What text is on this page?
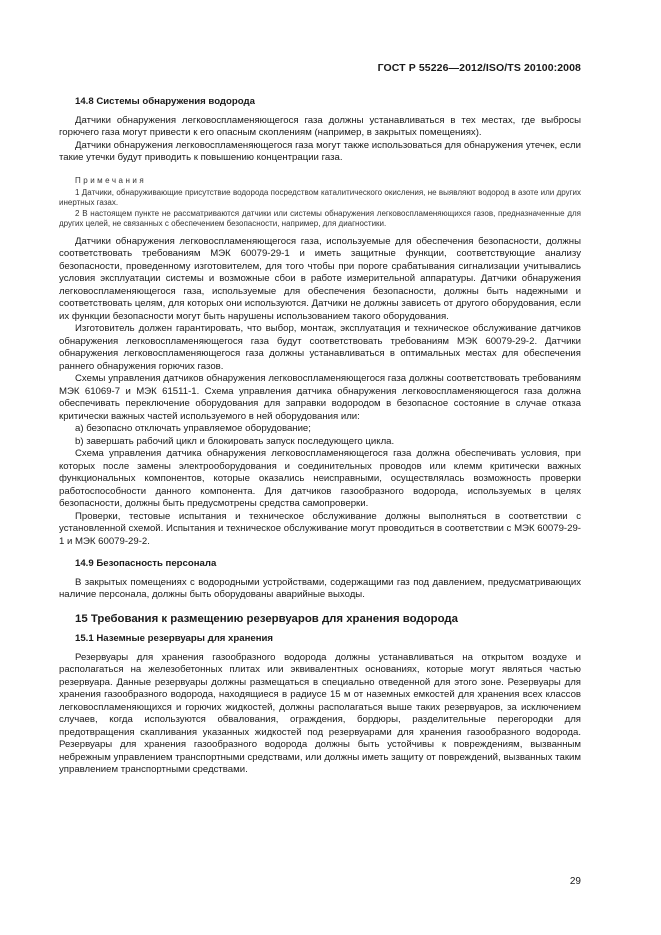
ГОСТ Р 55226—2012/ISO/TS 20100:2008
14.8 Системы обнаружения водорода

Датчики обнаружения легковоспламеняющегося газа должны устанавливаться в тех местах, где выбросы горючего газа могут привести к его опасным скоплениям (например, в закрытых помещениях).

Датчики обнаружения легковоспламеняющегося газа могут также использоваться для обнаружения утечек, если такие утечки будут приводить к повышению концентрации газа.

Примечания

1 Датчики, обнаруживающие присутствие водорода посредством каталитического окисления, не выявляют водород в азоте или других инертных газах.

2 В настоящем пункте не рассматриваются датчики или системы обнаружения легковоспламеняющихся газов, предназначенные для других целей, не связанных с обеспечением безопасности, например, для диагностики.

Датчики обнаружения легковоспламеняющегося газа, используемые для обеспечения безопасности, должны соответствовать требованиям МЭК 60079-29-1 и иметь защитные функции, соответствующие анализу безопасности, проведенному изготовителем, для того чтобы при пороге срабатывания сигнализации учитывались условия эксплуатации системы и возможные сбои в работе измерительной аппаратуры. Датчики обнаружения легковоспламеняющегося газа, используемые для обеспечения безопасности, должны быть надежными и соответствовать целям, для которых они используются. Датчики не должны зависеть от другого оборудования, если их функции безопасности могут быть нарушены использованием такого оборудования.

Изготовитель должен гарантировать, что выбор, монтаж, эксплуатация и техническое обслуживание датчиков обнаружения легковоспламеняющегося газа будут соответствовать требованиям МЭК 60079-29-2. Датчики обнаружения легковоспламеняющегося газа должны устанавливаться в оптимальных местах для обеспечения раннего обнаружения горючих газов.

Схемы управления датчиков обнаружения легковоспламеняющегося газа должны соответствовать требованиям МЭК 61069-7 и МЭК 61511-1. Схема управления датчика обнаружения легковоспламеняющегося газа должна обеспечивать переключение оборудования для заправки водородом в безопасное состояние в случае отказа критически важных частей используемого в ней оборудования или:

a) безопасно отключать управляемое оборудование;

b) завершать рабочий цикл и блокировать запуск последующего цикла.

Схема управления датчика обнаружения легковоспламеняющегося газа должна обеспечивать условия, при которых после замены электрооборудования и соединительных проводов или клемм критически важных функциональных компонентов, которые оказались неисправными, осуществлялась возможность проверки работоспособности данного компонента. Для датчиков газообразного водорода, используемых в целях безопасности, должны быть предусмотрены средства самопроверки.

Проверки, тестовые испытания и техническое обслуживание должны выполняться в соответствии с установленной схемой. Испытания и техническое обслуживание могут проводиться в соответствии с МЭК 60079-29-1 и МЭК 60079-29-2.

14.9 Безопасность персонала

В закрытых помещениях с водородными устройствами, содержащими газ под давлением, предусматривающих наличие персонала, должны быть оборудованы аварийные выходы.

15 Требования к размещению резервуаров для хранения водорода
15.1 Наземные резервуары для хранения

Резервуары для хранения газообразного водорода должны устанавливаться на открытом воздухе и располагаться на железобетонных плитах или эквивалентных основаниях, которые могут являться частью резервуара. Данные резервуары должны размещаться в специально отведенной для этого зоне. Резервуары для хранения газообразного водорода, находящиеся в радиусе 15 м от наземных емкостей для хранения всех классов легковоспламеняющихся и горючих жидкостей, должны располагаться выше таких резервуаров, за исключением случаев, когда используются обвалования, ограждения, бордюры, разделительные перегородки для предотвращения скапливания указанных жидкостей под резервуарами для хранения газообразного водорода. Резервуары для хранения газообразного водорода должны быть устойчивы к повреждениям, вызванным небрежным управлением транспортными средствами, или должны иметь защиту от повреждений, вызванных таким управлением транспортными средствами.

29
